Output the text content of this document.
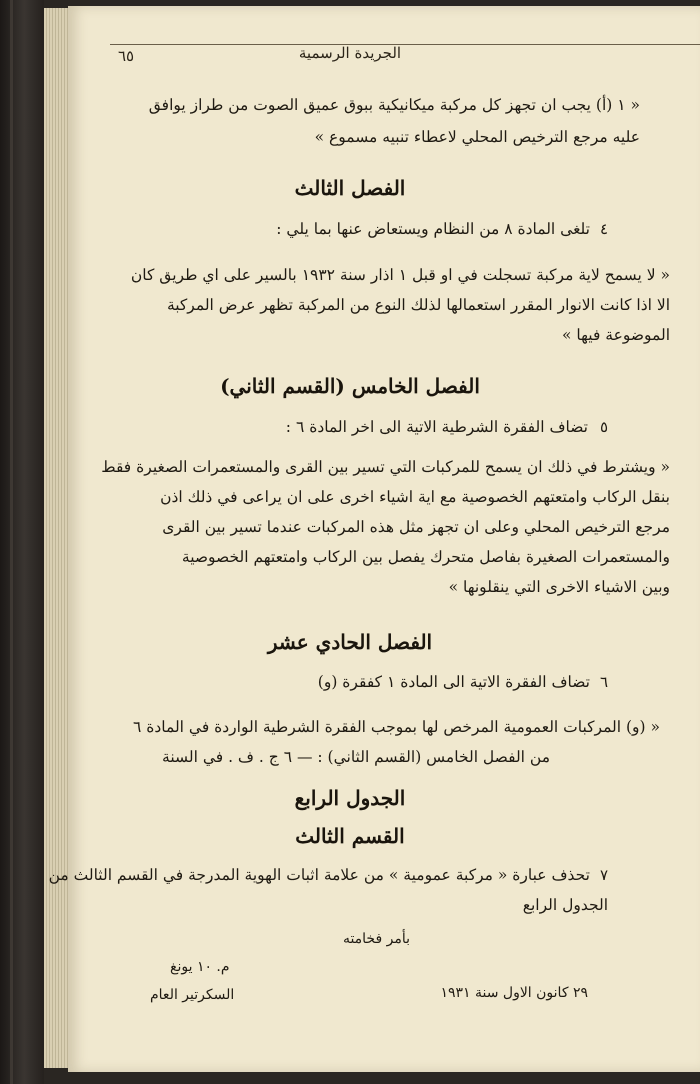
٦٥	الجريدة الرسمية
« ١ (أ) يجب ان تجهز كل مركبة ميكانيكية ببوق عميق الصوت من طراز يوافق
عليه مرجع الترخيص المحلي لاعطاء تنبيه مسموع »
الفصل الثالث
٤
تلغى المادة ٨ من النظام ويستعاض عنها بما يلي :
« لا يسمح لاية مركبة تسجلت في او قبل ١ اذار سنة ١٩٣٢ بالسير على اي طريق كان
الا اذا كانت الانوار المقرر استعمالها لذلك النوع من المركبة تظهر عرض المركبة
الموضوعة فيها »
الفصل الخامس (القسم الثاني)
٥
تضاف الفقرة الشرطية الاتية الى اخر المادة ٦ :
« ويشترط في ذلك ان يسمح للمركبات التي تسير بين القرى والمستعمرات الصغيرة فقط
بنقل الركاب وامتعتهم الخصوصية مع اية اشياء اخرى على ان يراعى في ذلك اذن
مرجع الترخيص المحلي وعلى ان تجهز مثل هذه المركبات عندما تسير بين القرى
والمستعمرات الصغيرة بفاصل متحرك يفصل بين الركاب وامتعتهم الخصوصية
وبين الاشياء الاخرى التي ينقلونها »
الفصل الحادي عشر
٦
تضاف الفقرة الاتية الى المادة ١ كفقرة (و)
« (و) المركبات العمومية المرخص لها بموجب الفقرة الشرطية الواردة في المادة ٦
من الفصل الخامس (القسم الثاني) : — ٦ ج . ف . في السنة
الجدول الرابع
القسم الثالث
٧
تحذف عبارة « مركبة عمومية » من علامة اثبات الهوية المدرجة في القسم الثالث من
الجدول الرابع
بأمر فخامته
م. ١٠ يونغ
السكرتير العام	٢٩ كانون الاول سنة ١٩٣١
